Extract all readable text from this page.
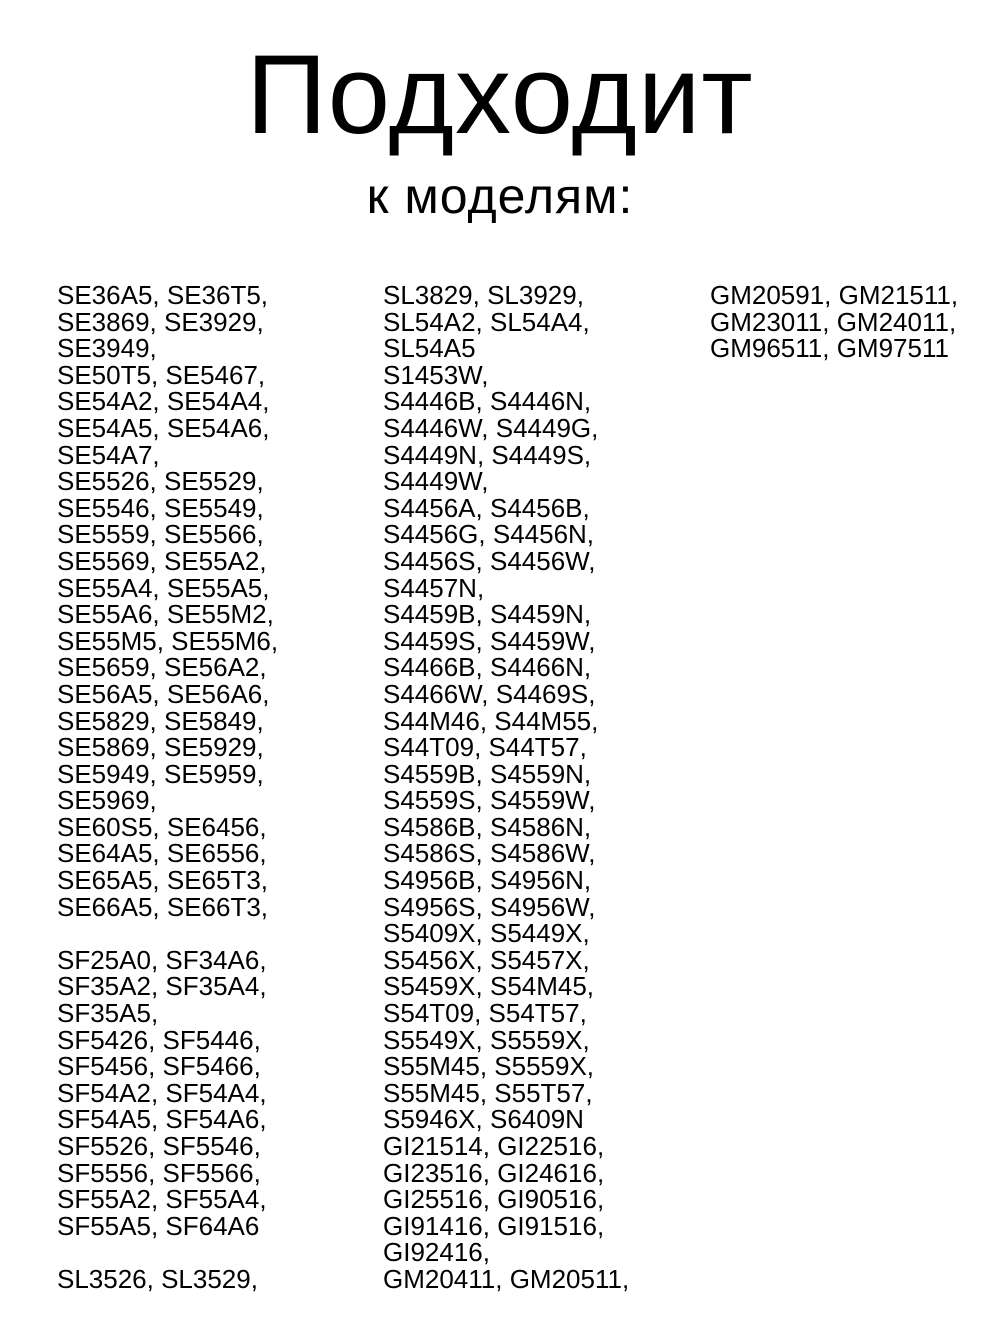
Подходит
к моделям:
SE36A5, SE36T5,
SE3869, SE3929,
SE3949,
SE50T5, SE5467,
SE54A2, SE54A4,
SE54A5, SE54A6,
SE54A7,
SE5526, SE5529,
SE5546, SE5549,
SE5559, SE5566,
SE5569, SE55A2,
SE55A4, SE55A5,
SE55A6, SE55M2,
SE55M5, SE55M6,
SE5659, SE56A2,
SE56A5, SE56A6,
SE5829, SE5849,
SE5869, SE5929,
SE5949, SE5959,
SE5969,
SE60S5, SE6456,
SE64A5, SE6556,
SE65A5, SE65T3,
SE66A5, SE66T3,
SF25A0, SF34A6,
SF35A2, SF35A4,
SF35A5,
SF5426, SF5446,
SF5456, SF5466,
SF54A2, SF54A4,
SF54A5, SF54A6,
SF5526, SF5546,
SF5556, SF5566,
SF55A2, SF55A4,
SF55A5, SF64A6
SL3526, SL3529,
SL3829, SL3929,
SL54A2, SL54A4,
SL54A5
S1453W,
S4446B, S4446N,
S4446W, S4449G,
S4449N, S4449S,
S4449W,
S4456A, S4456B,
S4456G, S4456N,
S4456S, S4456W,
S4457N,
S4459B, S4459N,
S4459S, S4459W,
S4466B, S4466N,
S4466W, S4469S,
S44M46, S44M55,
S44T09, S44T57,
S4559B, S4559N,
S4559S, S4559W,
S4586B, S4586N,
S4586S, S4586W,
S4956B, S4956N,
S4956S, S4956W,
S5409X, S5449X,
S5456X, S5457X,
S5459X, S54M45,
S54T09, S54T57,
S5549X, S5559X,
S55M45, S5559X,
S55M45, S55T57,
S5946X, S6409N
GI21514, GI22516,
GI23516, GI24616,
GI25516, GI90516,
GI91416, GI91516,
GI92416,
GM20411, GM20511,
GM20591, GM21511,
GM23011, GM24011,
GM96511, GM97511
